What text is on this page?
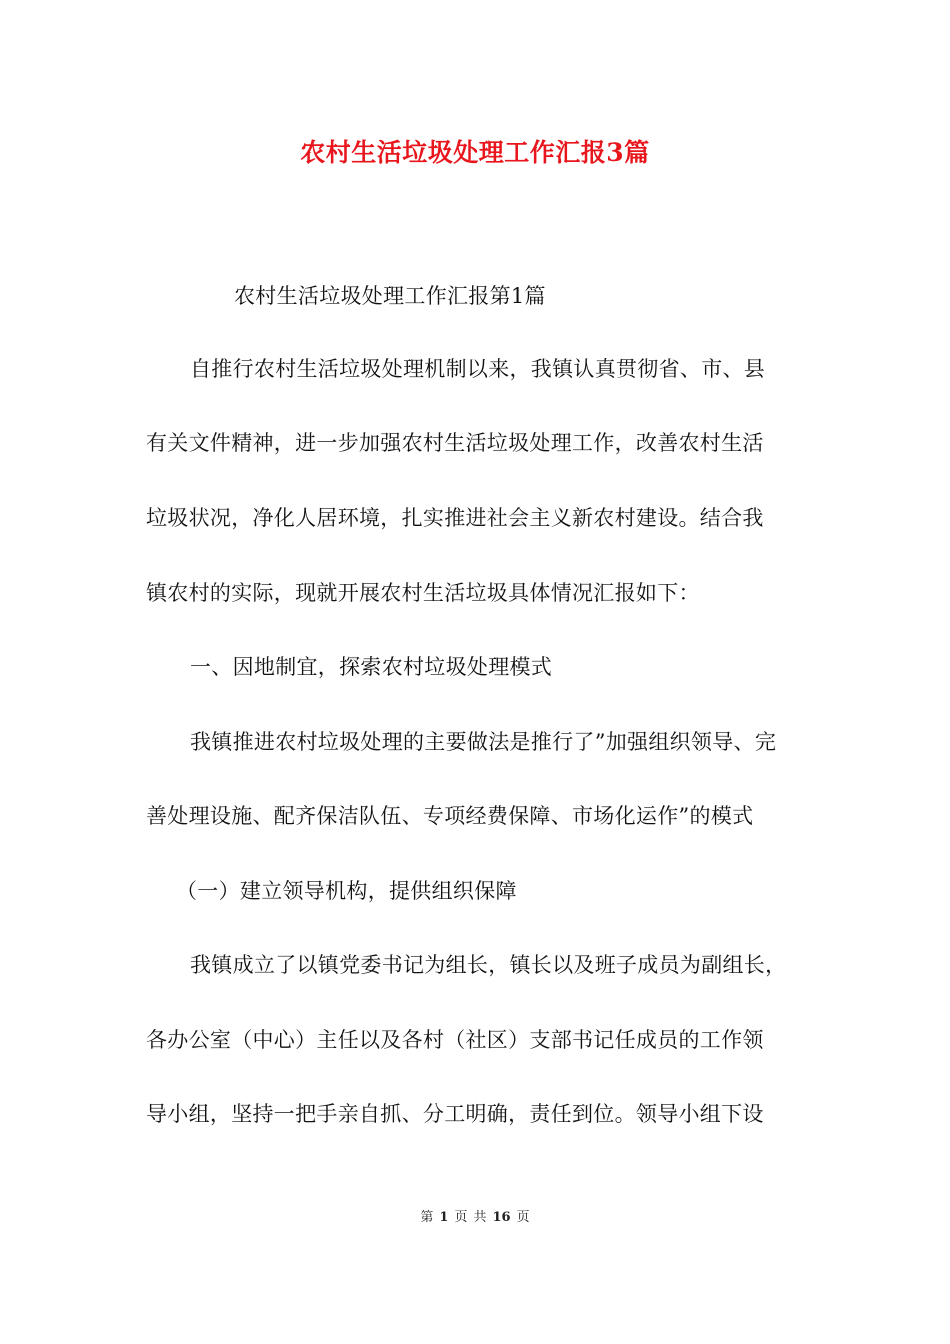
农村生活垃圾处理工作汇报3篇
农村生活垃圾处理工作汇报第1篇
自推行农村生活垃圾处理机制以来，我镇认真贯彻省、市、县
有关文件精神，进一步加强农村生活垃圾处理工作，改善农村生活
垃圾状况，净化人居环境，扎实推进社会主义新农村建设。结合我
镇农村的实际，现就开展农村生活垃圾具体情况汇报如下：
一、因地制宜，探索农村垃圾处理模式
我镇推进农村垃圾处理的主要做法是推行了”加强组织领导、完
善处理设施、配齐保洁队伍、专项经费保障、市场化运作”的模式
（一）建立领导机构，提供组织保障
我镇成立了以镇党委书记为组长，镇长以及班子成员为副组长，
各办公室（中心）主任以及各村（社区）支部书记任成员的工作领
导小组，坚持一把手亲自抓、分工明确，责任到位。领导小组下设
第 1 页 共 16 页
